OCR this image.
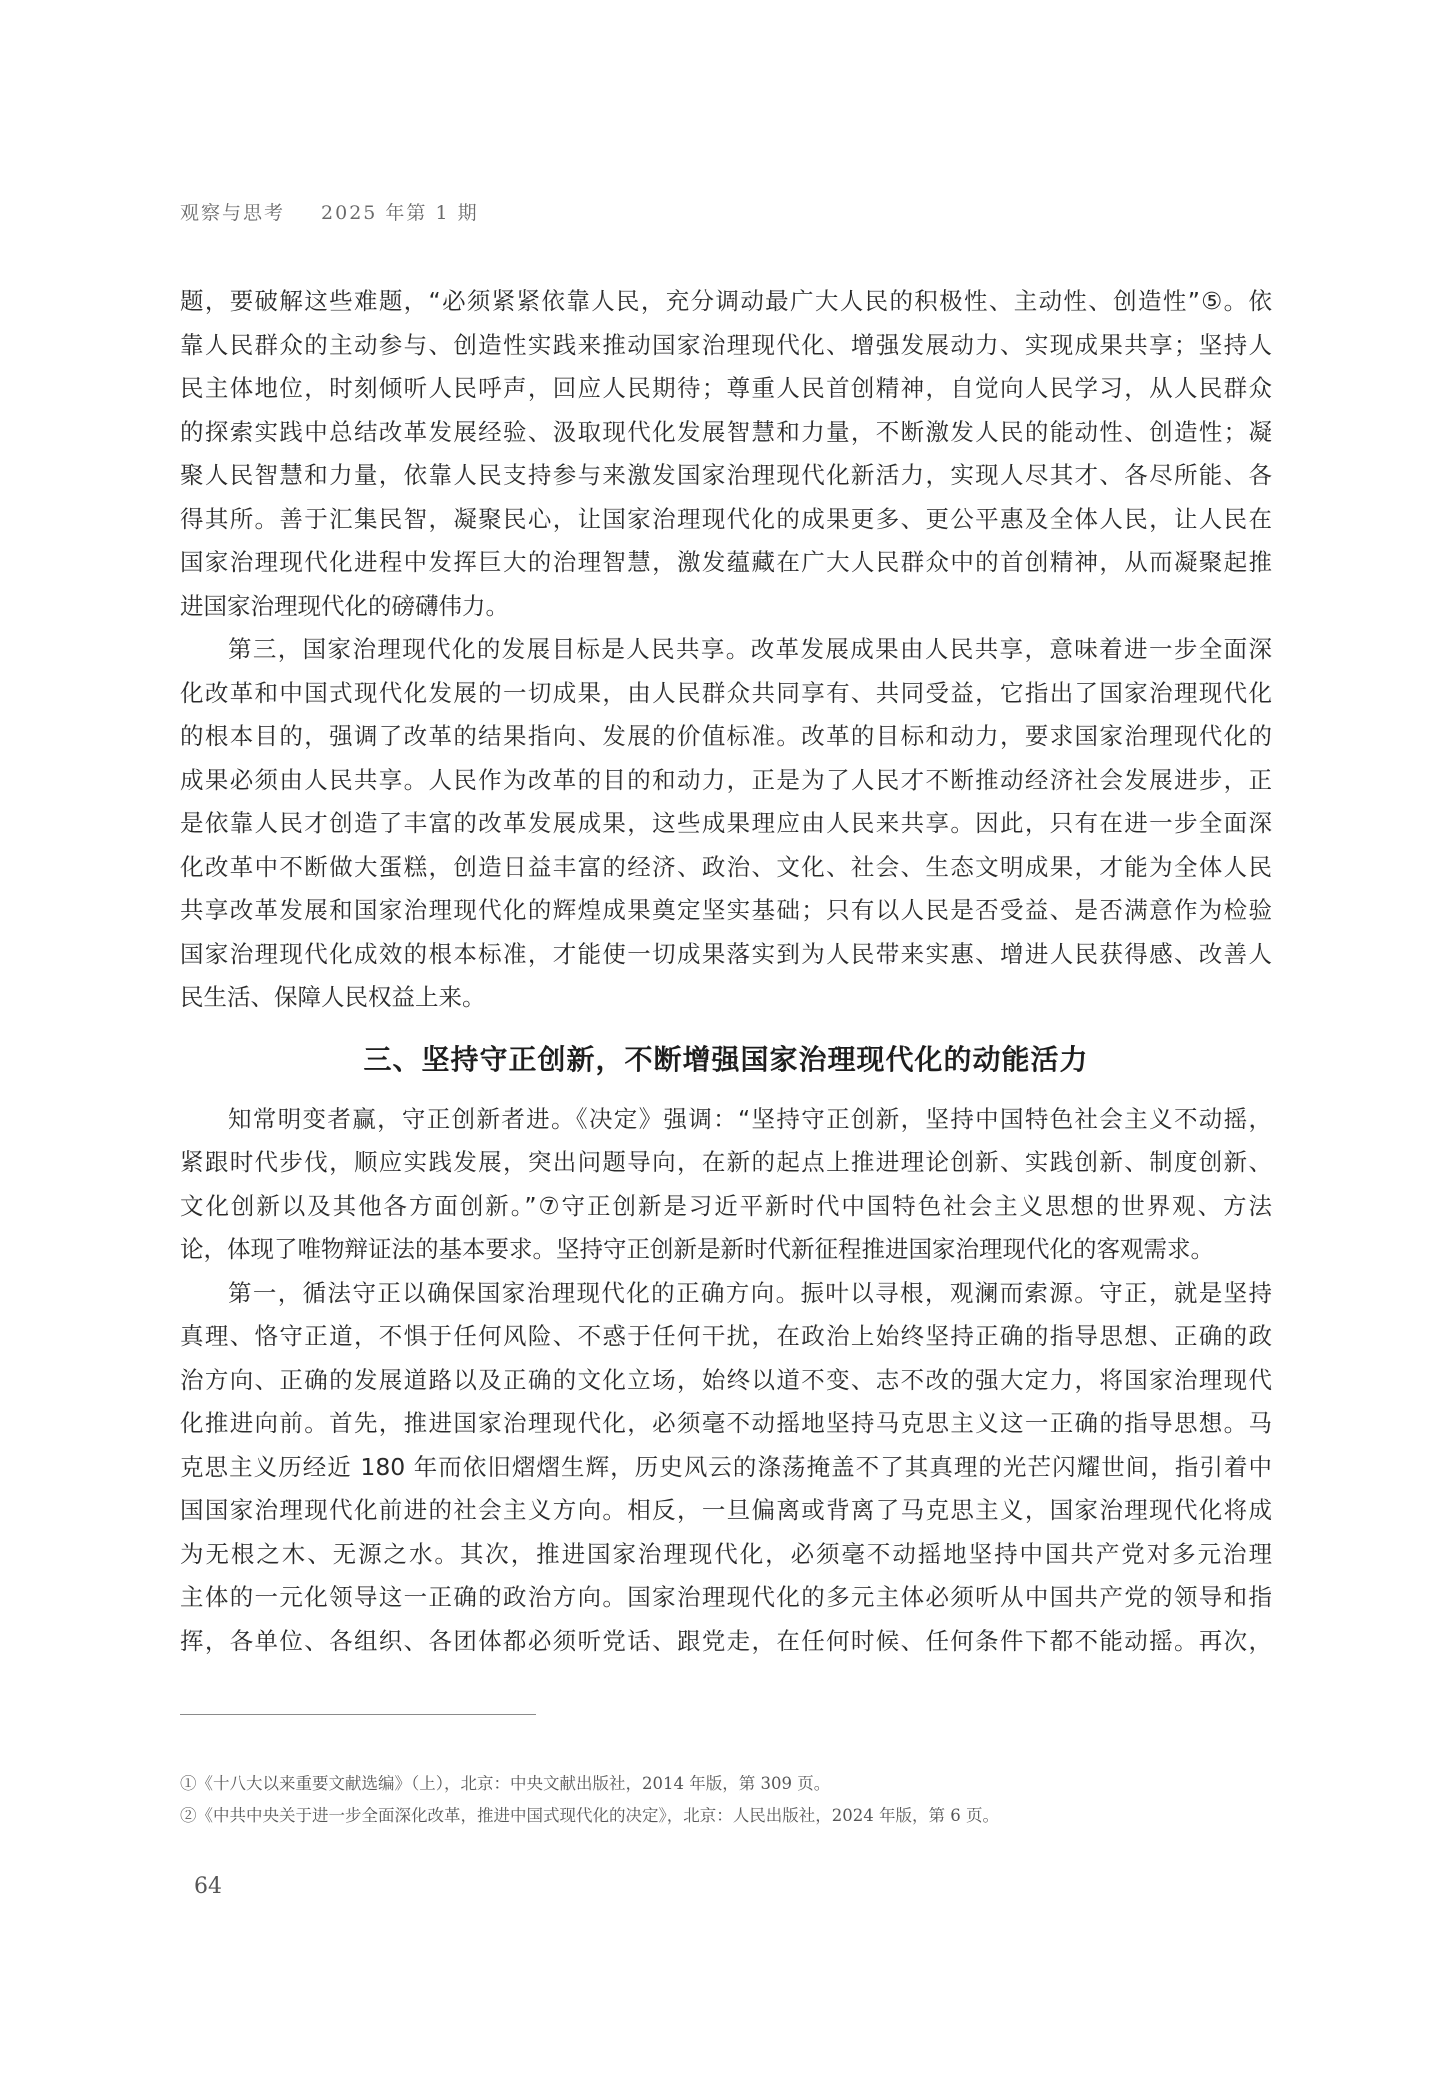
观察与思考 2025 年第 1 期
题，要破解这些难题，“必须紧紧依靠人民，充分调动最广大人民的积极性、主动性、创造性”⑤。依
靠人民群众的主动参与、创造性实践来推动国家治理现代化、增强发展动力、实现成果共享；坚持人
民主体地位，时刻倾听人民呼声，回应人民期待；尊重人民首创精神，自觉向人民学习，从人民群众
的探索实践中总结改革发展经验、汲取现代化发展智慧和力量，不断激发人民的能动性、创造性；凝
聚人民智慧和力量，依靠人民支持参与来激发国家治理现代化新活力，实现人尽其才、各尽所能、各
得其所。善于汇集民智，凝聚民心，让国家治理现代化的成果更多、更公平惠及全体人民，让人民在
国家治理现代化进程中发挥巨大的治理智慧，激发蕴藏在广大人民群众中的首创精神，从而凝聚起推
进国家治理现代化的磅礴伟力。
第三，国家治理现代化的发展目标是人民共享。改革发展成果由人民共享，意味着进一步全面深
化改革和中国式现代化发展的一切成果，由人民群众共同享有、共同受益，它指出了国家治理现代化
的根本目的，强调了改革的结果指向、发展的价值标准。改革的目标和动力，要求国家治理现代化的
成果必须由人民共享。人民作为改革的目的和动力，正是为了人民才不断推动经济社会发展进步，正
是依靠人民才创造了丰富的改革发展成果，这些成果理应由人民来共享。因此，只有在进一步全面深
化改革中不断做大蛋糕，创造日益丰富的经济、政治、文化、社会、生态文明成果，才能为全体人民
共享改革发展和国家治理现代化的辉煌成果奠定坚实基础；只有以人民是否受益、是否满意作为检验
国家治理现代化成效的根本标准，才能使一切成果落实到为人民带来实惠、增进人民获得感、改善人
民生活、保障人民权益上来。
三、坚持守正创新，不断增强国家治理现代化的动能活力
知常明变者赢，守正创新者进。《决定》强调：“坚持守正创新，坚持中国特色社会主义不动摇，
紧跟时代步伐，顺应实践发展，突出问题导向，在新的起点上推进理论创新、实践创新、制度创新、
文化创新以及其他各方面创新。”⑦守正创新是习近平新时代中国特色社会主义思想的世界观、方法
论，体现了唯物辩证法的基本要求。坚持守正创新是新时代新征程推进国家治理现代化的客观需求。
第一，循法守正以确保国家治理现代化的正确方向。振叶以寻根，观澜而索源。守正，就是坚持
真理、恪守正道，不惧于任何风险、不惑于任何干扰，在政治上始终坚持正确的指导思想、正确的政
治方向、正确的发展道路以及正确的文化立场，始终以道不变、志不改的强大定力，将国家治理现代
化推进向前。首先，推进国家治理现代化，必须毫不动摇地坚持马克思主义这一正确的指导思想。马
克思主义历经近 180 年而依旧熠熠生辉，历史风云的涤荡掩盖不了其真理的光芒闪耀世间，指引着中
国国家治理现代化前进的社会主义方向。相反，一旦偏离或背离了马克思主义，国家治理现代化将成
为无根之木、无源之水。其次，推进国家治理现代化，必须毫不动摇地坚持中国共产党对多元治理
主体的一元化领导这一正确的政治方向。国家治理现代化的多元主体必须听从中国共产党的领导和指
挥，各单位、各组织、各团体都必须听党话、跟党走，在任何时候、任何条件下都不能动摇。再次，
①《十八大以来重要文献选编》（上），北京：中央文献出版社，2014 年版，第 309 页。
②《中共中央关于进一步全面深化改革，推进中国式现代化的决定》，北京：人民出版社，2024 年版，第 6 页。
64
